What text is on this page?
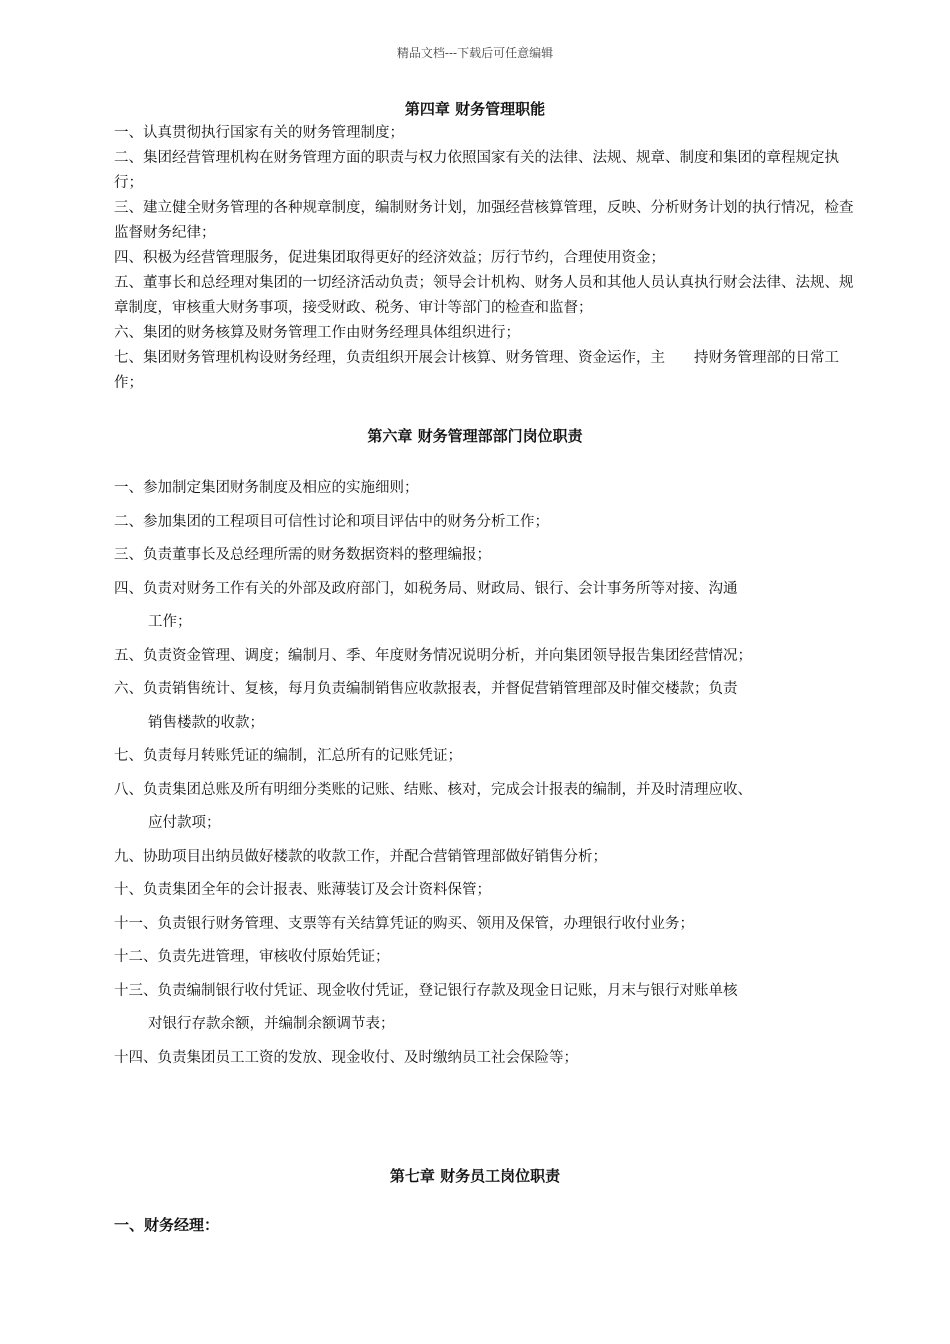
精品文档---下载后可任意编辑
第四章 财务管理职能

一、认真贯彻执行国家有关的财务管理制度；

二、集团经营管理机构在财务管理方面的职责与权力依照国家有关的法律、法规、规章、制度和集团的章程规定执行；

三、建立健全财务管理的各种规章制度，编制财务计划，加强经营核算管理，反映、分析财务计划的执行情况，检查监督财务纪律；

四、积极为经营管理服务，促进集团取得更好的经济效益；厉行节约，合理使用资金；

五、董事长和总经理对集团的一切经济活动负责；领导会计机构、财务人员和其他人员认真执行财会法律、法规、规章制度，审核重大财务事项，接受财政、税务、审计等部门的检查和监督；

六、集团的财务核算及财务管理工作由财务经理具体组织进行；

七、集团财务管理机构设财务经理，负责组织开展会计核算、财务管理、资金运作，主　　持财务管理部的日常工作；

第六章 财务管理部部门岗位职责

一、参加制定集团财务制度及相应的实施细则；

二、参加集团的工程项目可信性讨论和项目评估中的财务分析工作；

三、负责董事长及总经理所需的财务数据资料的整理编报；

四、负责对财务工作有关的外部及政府部门，如税务局、财政局、银行、会计事务所等对接、沟通
工作；

五、负责资金管理、调度；编制月、季、年度财务情况说明分析，并向集团领导报告集团经营情况；

六、负责销售统计、复核，每月负责编制销售应收款报表，并督促营销管理部及时催交楼款；负责
销售楼款的收款；

七、负责每月转账凭证的编制，汇总所有的记账凭证；

八、负责集团总账及所有明细分类账的记账、结账、核对，完成会计报表的编制，并及时清理应收、
应付款项；

九、协助项目出纳员做好楼款的收款工作，并配合营销管理部做好销售分析；

十、负责集团全年的会计报表、账薄装订及会计资料保管；

十一、负责银行财务管理、支票等有关结算凭证的购买、领用及保管，办理银行收付业务；

十二、负责先进管理，审核收付原始凭证；

十三、负责编制银行收付凭证、现金收付凭证，登记银行存款及现金日记账，月末与银行对账单核
对银行存款余额，并编制余额调节表；

十四、负责集团员工工资的发放、现金收付、及时缴纳员工社会保险等；

第七章 财务员工岗位职责
一、财务经理：
